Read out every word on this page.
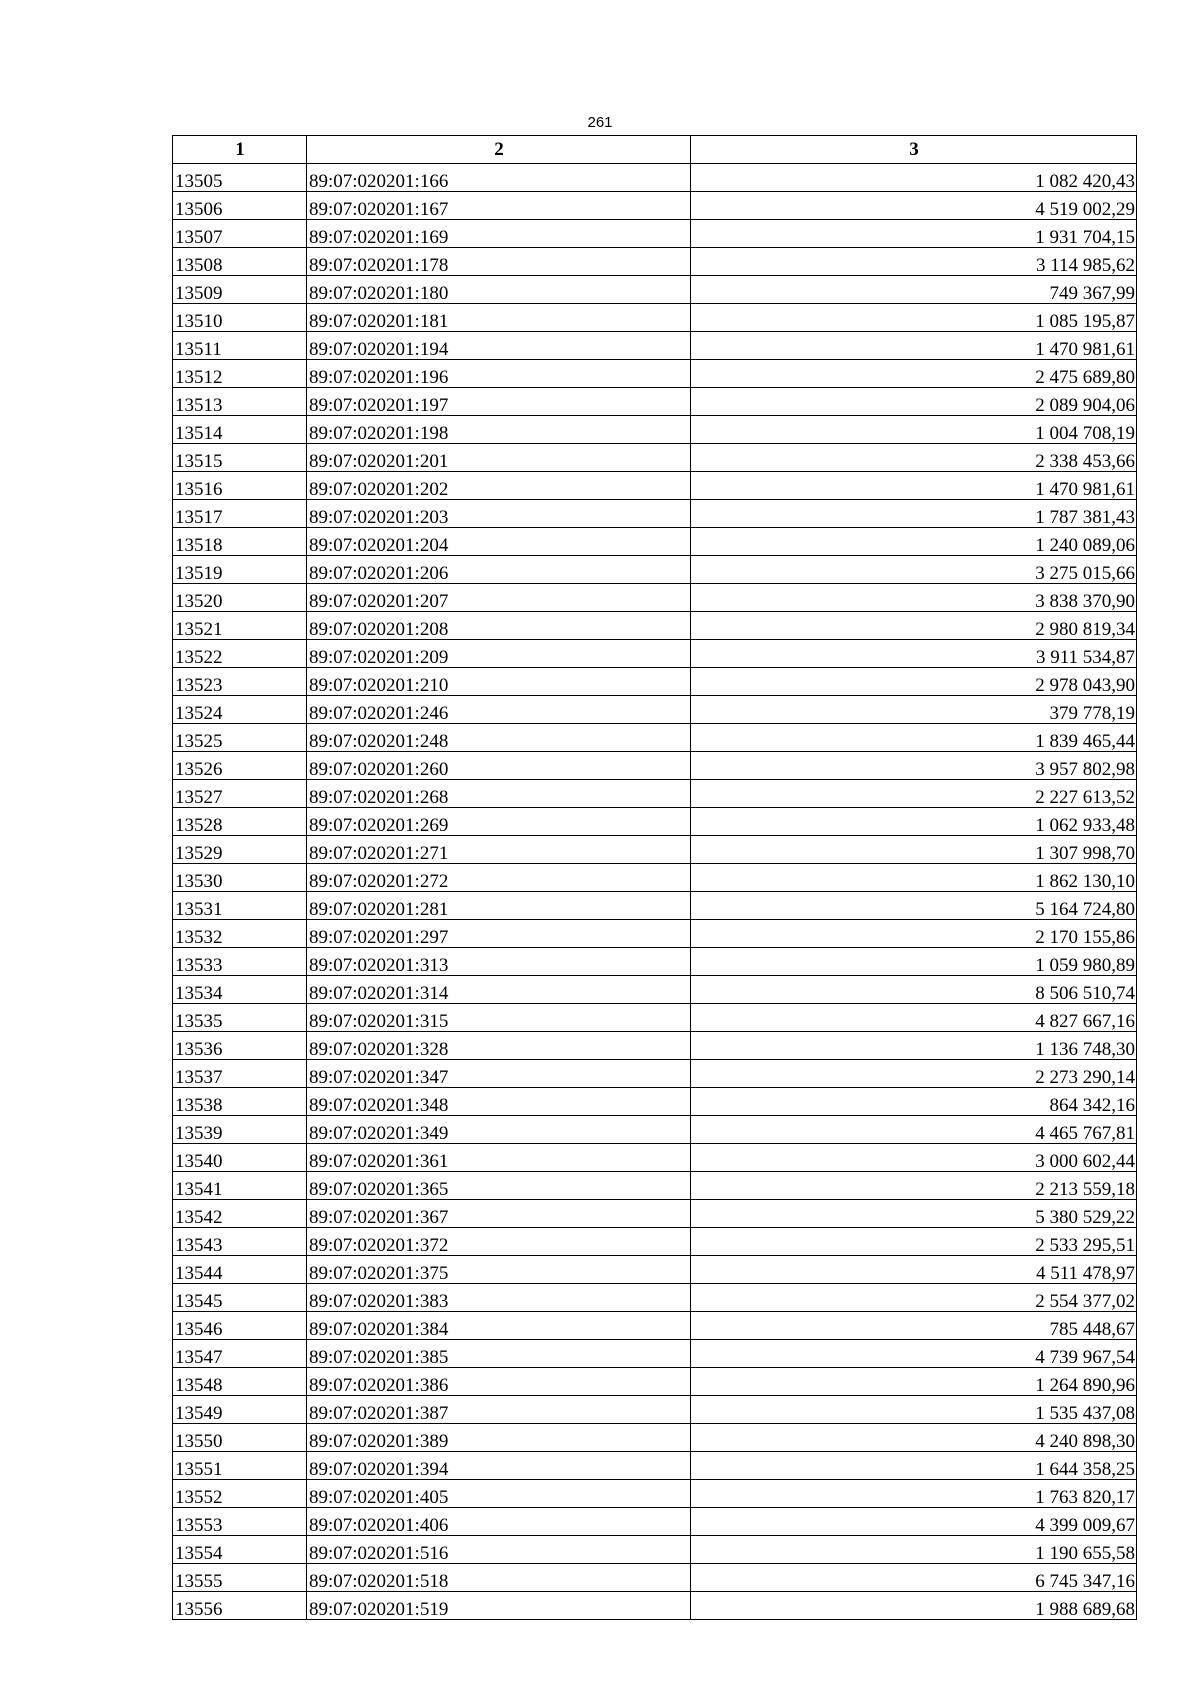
261
1	2	3
13505	89:07:020201:166	1 082 420,43
13506	89:07:020201:167	4 519 002,29
13507	89:07:020201:169	1 931 704,15
13508	89:07:020201:178	3 114 985,62
13509	89:07:020201:180	749 367,99
13510	89:07:020201:181	1 085 195,87
13511	89:07:020201:194	1 470 981,61
13512	89:07:020201:196	2 475 689,80
13513	89:07:020201:197	2 089 904,06
13514	89:07:020201:198	1 004 708,19
13515	89:07:020201:201	2 338 453,66
13516	89:07:020201:202	1 470 981,61
13517	89:07:020201:203	1 787 381,43
13518	89:07:020201:204	1 240 089,06
13519	89:07:020201:206	3 275 015,66
13520	89:07:020201:207	3 838 370,90
13521	89:07:020201:208	2 980 819,34
13522	89:07:020201:209	3 911 534,87
13523	89:07:020201:210	2 978 043,90
13524	89:07:020201:246	379 778,19
13525	89:07:020201:248	1 839 465,44
13526	89:07:020201:260	3 957 802,98
13527	89:07:020201:268	2 227 613,52
13528	89:07:020201:269	1 062 933,48
13529	89:07:020201:271	1 307 998,70
13530	89:07:020201:272	1 862 130,10
13531	89:07:020201:281	5 164 724,80
13532	89:07:020201:297	2 170 155,86
13533	89:07:020201:313	1 059 980,89
13534	89:07:020201:314	8 506 510,74
13535	89:07:020201:315	4 827 667,16
13536	89:07:020201:328	1 136 748,30
13537	89:07:020201:347	2 273 290,14
13538	89:07:020201:348	864 342,16
13539	89:07:020201:349	4 465 767,81
13540	89:07:020201:361	3 000 602,44
13541	89:07:020201:365	2 213 559,18
13542	89:07:020201:367	5 380 529,22
13543	89:07:020201:372	2 533 295,51
13544	89:07:020201:375	4 511 478,97
13545	89:07:020201:383	2 554 377,02
13546	89:07:020201:384	785 448,67
13547	89:07:020201:385	4 739 967,54
13548	89:07:020201:386	1 264 890,96
13549	89:07:020201:387	1 535 437,08
13550	89:07:020201:389	4 240 898,30
13551	89:07:020201:394	1 644 358,25
13552	89:07:020201:405	1 763 820,17
13553	89:07:020201:406	4 399 009,67
13554	89:07:020201:516	1 190 655,58
13555	89:07:020201:518	6 745 347,16
13556	89:07:020201:519	1 988 689,68
